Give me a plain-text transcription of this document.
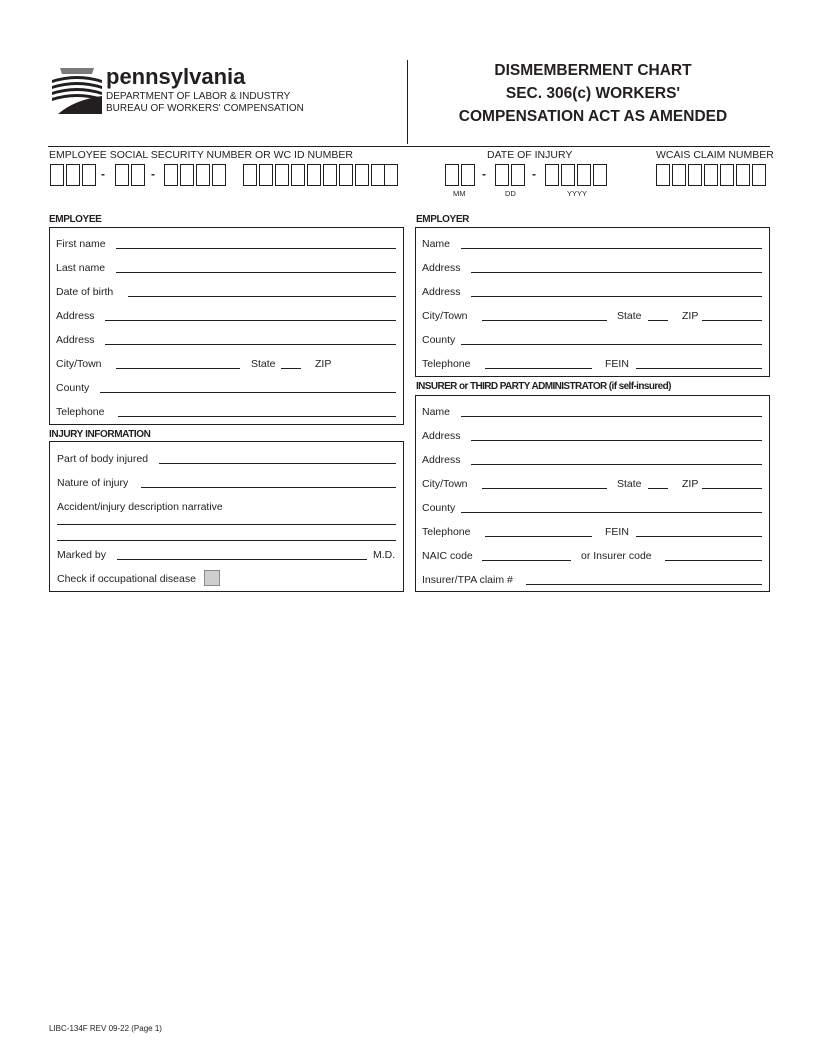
pennsylvania
DEPARTMENT OF LABOR & INDUSTRY
BUREAU OF WORKERS' COMPENSATION
DISMEMBERMENT CHART
SEC. 306(c) WORKERS'
COMPENSATION ACT AS AMENDED
EMPLOYEE SOCIAL SECURITY NUMBER OR WC ID NUMBER	DATE OF INJURY	WCAIS CLAIM NUMBER
-	-	-	-
MM	DD	YYYY
EMPLOYEE
First name
Last name
Date of birth
Address
Address
City/Town	State	ZIP
County
Telephone
INJURY INFORMATION
Part of body injured
Nature of injury
Accident/injury description narrative
Marked by	M.D.
Check if occupational disease
EMPLOYER
Name
Address
Address
City/Town	State	ZIP
County
Telephone	FEIN
INSURER or THIRD PARTY ADMINISTRATOR (if self-insured)
Name
Address
Address
City/Town	State	ZIP
County
Telephone	FEIN
NAIC code	or Insurer code
Insurer/TPA claim #
LIBC-134F REV 09-22 (Page 1)
